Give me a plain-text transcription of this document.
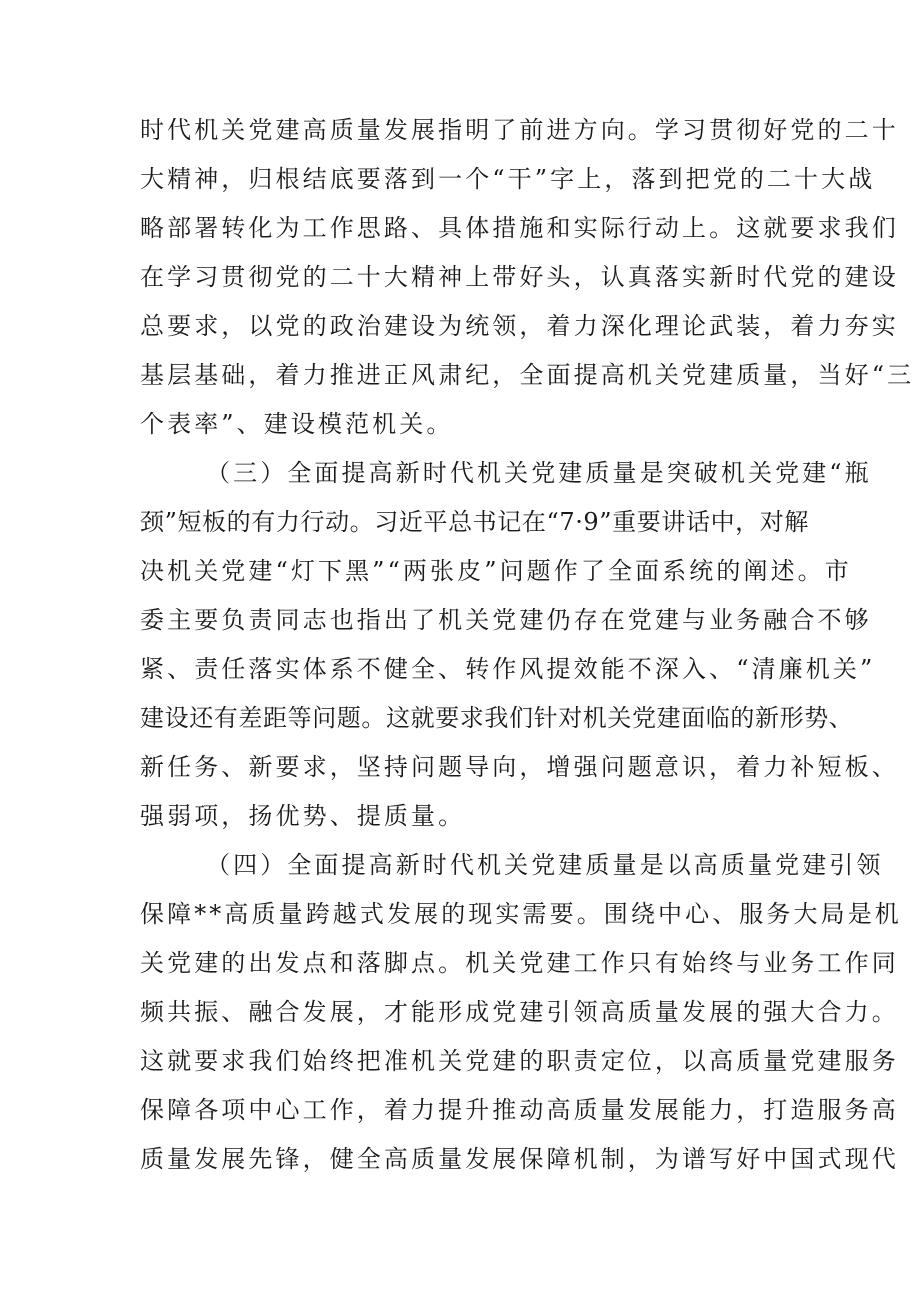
时代机关党建高质量发展指明了前进方向。学习贯彻好党的二十
大精神，归根结底要落到一个“干”字上，落到把党的二十大战
略部署转化为工作思路、具体措施和实际行动上。这就要求我们
在学习贯彻党的二十大精神上带好头，认真落实新时代党的建设
总要求，以党的政治建设为统领，着力深化理论武装，着力夯实
基层基础，着力推进正风肃纪，全面提高机关党建质量，当好“三
个表率”、建设模范机关。
（三）全面提高新时代机关党建质量是突破机关党建“瓶
颈”短板的有力行动。习近平总书记在“7·9”重要讲话中，对解
决机关党建“灯下黑”“两张皮”问题作了全面系统的阐述。市
委主要负责同志也指出了机关党建仍存在党建与业务融合不够
紧、责任落实体系不健全、转作风提效能不深入、“清廉机关”
建设还有差距等问题。这就要求我们针对机关党建面临的新形势、
新任务、新要求，坚持问题导向，增强问题意识，着力补短板、
强弱项，扬优势、提质量。
（四）全面提高新时代机关党建质量是以高质量党建引领
保障**高质量跨越式发展的现实需要。围绕中心、服务大局是机
关党建的出发点和落脚点。机关党建工作只有始终与业务工作同
频共振、融合发展，才能形成党建引领高质量发展的强大合力。
这就要求我们始终把准机关党建的职责定位，以高质量党建服务
保障各项中心工作，着力提升推动高质量发展能力，打造服务高
质量发展先锋，健全高质量发展保障机制，为谱写好中国式现代
